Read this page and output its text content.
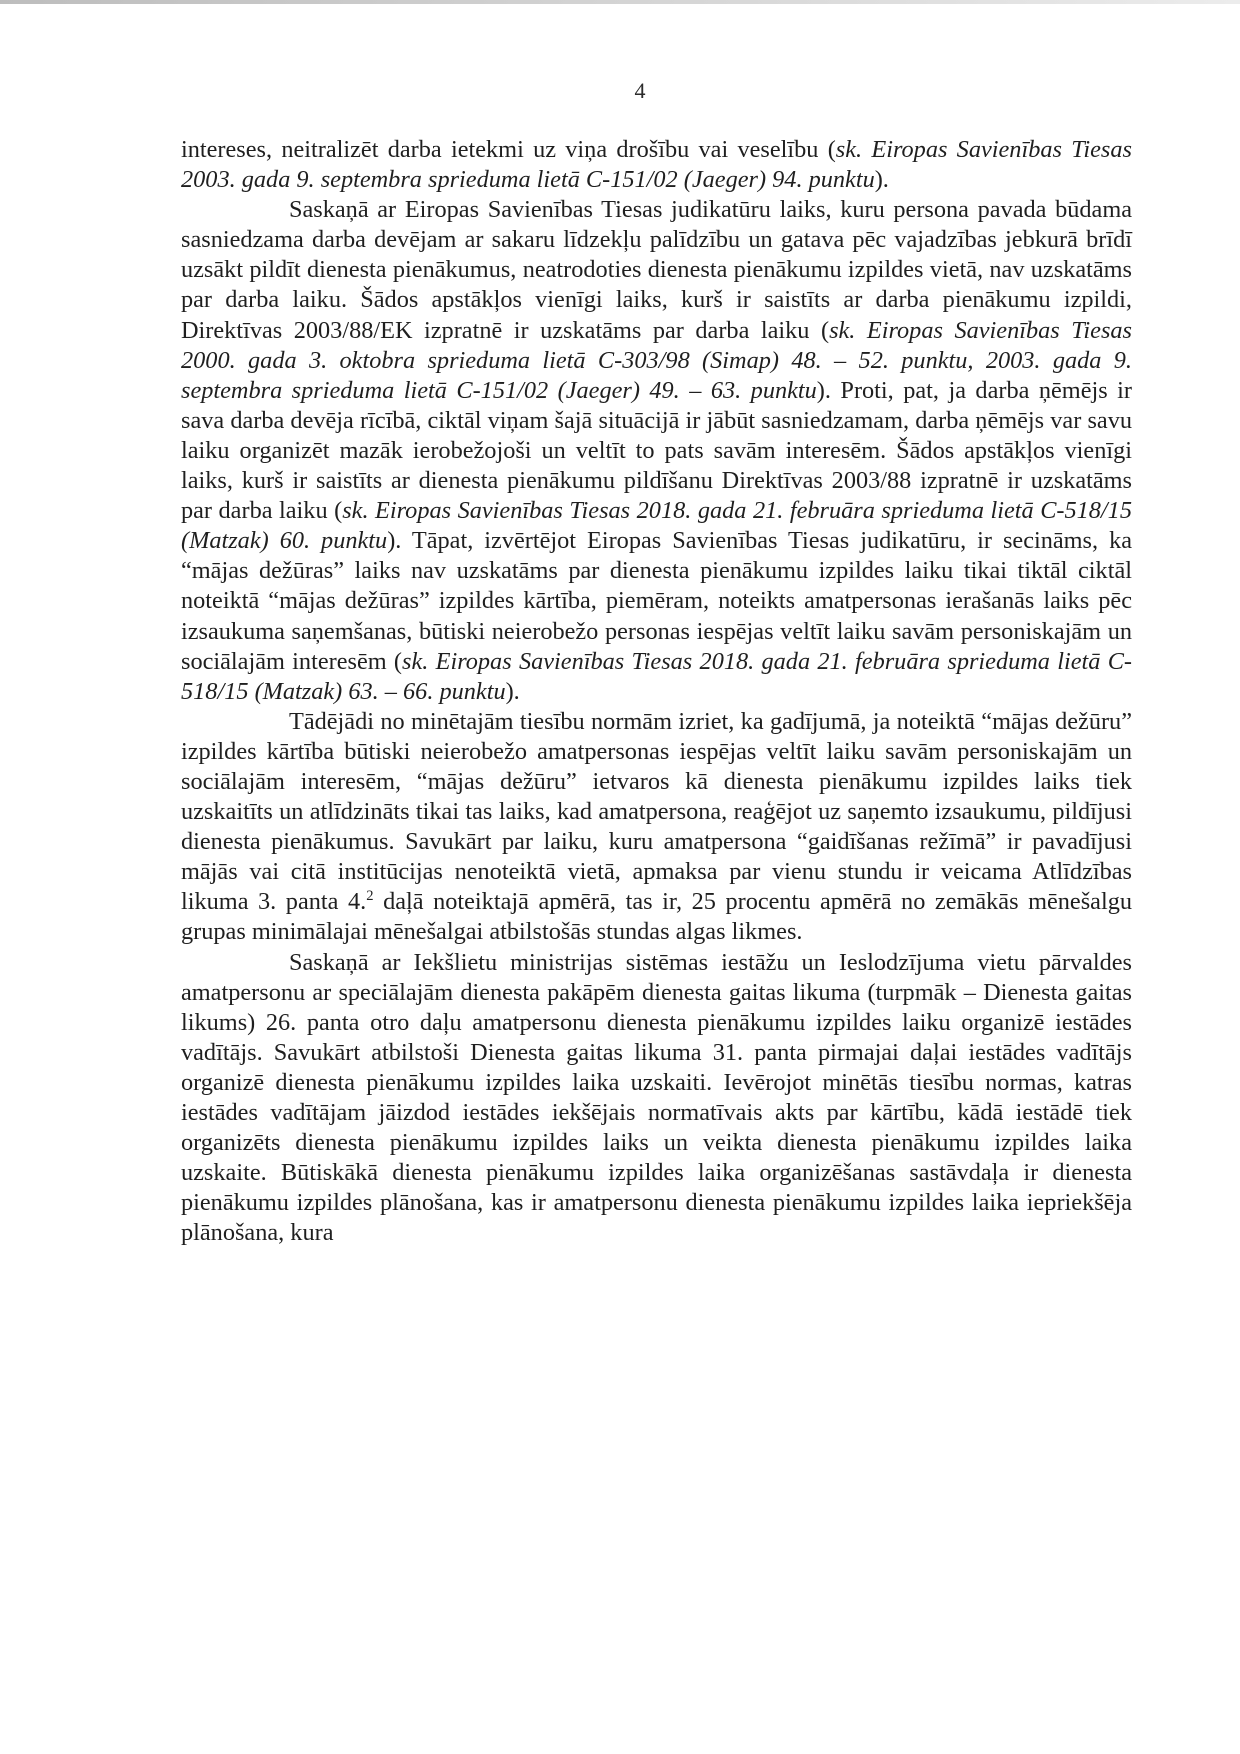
4

intereses, neitralizēt darba ietekmi uz viņa drošību vai veselību (sk. Eiropas Savienības Tiesas 2003. gada 9. septembra sprieduma lietā C-151/02 (Jaeger) 94. punktu).

Saskaņā ar Eiropas Savienības Tiesas judikatūru laiks, kuru persona pavada būdama sasniedzama darba devējam ar sakaru līdzekļu palīdzību un gatava pēc vajadzības jebkurā brīdī uzsākt pildīt dienesta pienākumus, neatrodoties dienesta pienākumu izpildes vietā, nav uzskatāms par darba laiku. Šādos apstākļos vienīgi laiks, kurš ir saistīts ar darba pienākumu izpildi, Direktīvas 2003/88/EK izpratnē ir uzskatāms par darba laiku (sk. Eiropas Savienības Tiesas 2000. gada 3. oktobra sprieduma lietā C-303/98 (Simap) 48. – 52. punktu, 2003. gada 9. septembra sprieduma lietā C-151/02 (Jaeger) 49. – 63. punktu). Proti, pat, ja darba ņēmējs ir sava darba devēja rīcībā, ciktāl viņam šajā situācijā ir jābūt sasniedzamam, darba ņēmējs var savu laiku organizēt mazāk ierobežojoši un veltīt to pats savām interesēm. Šādos apstākļos vienīgi laiks, kurš ir saistīts ar dienesta pienākumu pildīšanu Direktīvas 2003/88 izpratnē ir uzskatāms par darba laiku (sk. Eiropas Savienības Tiesas 2018. gada 21. februāra sprieduma lietā C-518/15 (Matzak) 60. punktu). Tāpat, izvērtējot Eiropas Savienības Tiesas judikatūru, ir secināms, ka “mājas dežūras” laiks nav uzskatāms par dienesta pienākumu izpildes laiku tikai tiktāl ciktāl noteiktā “mājas dežūras” izpildes kārtība, piemēram, noteikts amatpersonas ierašanās laiks pēc izsaukuma saņemšanas, būtiski neierobežo personas iespējas veltīt laiku savām personiskajām un sociālajām interesēm (sk. Eiropas Savienības Tiesas 2018. gada 21. februāra sprieduma lietā C-518/15 (Matzak) 63. – 66. punktu).

Tādējādi no minētajām tiesību normām izriet, ka gadījumā, ja noteiktā “mājas dežūru” izpildes kārtība būtiski neierobežo amatpersonas iespējas veltīt laiku savām personiskajām un sociālajām interesēm, “mājas dežūru” ietvaros kā dienesta pienākumu izpildes laiks tiek uzskaitīts un atlīdzināts tikai tas laiks, kad amatpersona, reaģējot uz saņemto izsaukumu, pildījusi dienesta pienākumus. Savukārt par laiku, kuru amatpersona “gaidīšanas režīmā” ir pavadījusi mājās vai citā institūcijas nenoteiktā vietā, apmaksa par vienu stundu ir veicama Atlīdzības likuma 3. panta 4.$^2$ daļā noteiktajā apmērā, tas ir, 25 procentu apmērā no zemākās mēnešalgu grupas minimālajai mēnešalgai atbilstošās stundas algas likmes.

Saskaņā ar Iekšlietu ministrijas sistēmas iestāžu un Ieslodzījuma vietu pārvaldes amatpersonu ar speciālajām dienesta pakāpēm dienesta gaitas likuma (turpmāk – Dienesta gaitas likums) 26. panta otro daļu amatpersonu dienesta pienākumu izpildes laiku organizē iestādes vadītājs. Savukārt atbilstoši Dienesta gaitas likuma 31. panta pirmajai daļai iestādes vadītājs organizē dienesta pienākumu izpildes laika uzskaiti. Ievērojot minētās tiesību normas, katras iestādes vadītājam jāizdod iestādes iekšējais normatīvais akts par kārtību, kādā iestādē tiek organizēts dienesta pienākumu izpildes laiks un veikta dienesta pienākumu izpildes laika uzskaite. Būtiskākā dienesta pienākumu izpildes laika organizēšanas sastāvdaļa ir dienesta pienākumu izpildes plānošana, kas ir amatpersonu dienesta pienākumu izpildes laika iepriekšēja plānošana, kura
